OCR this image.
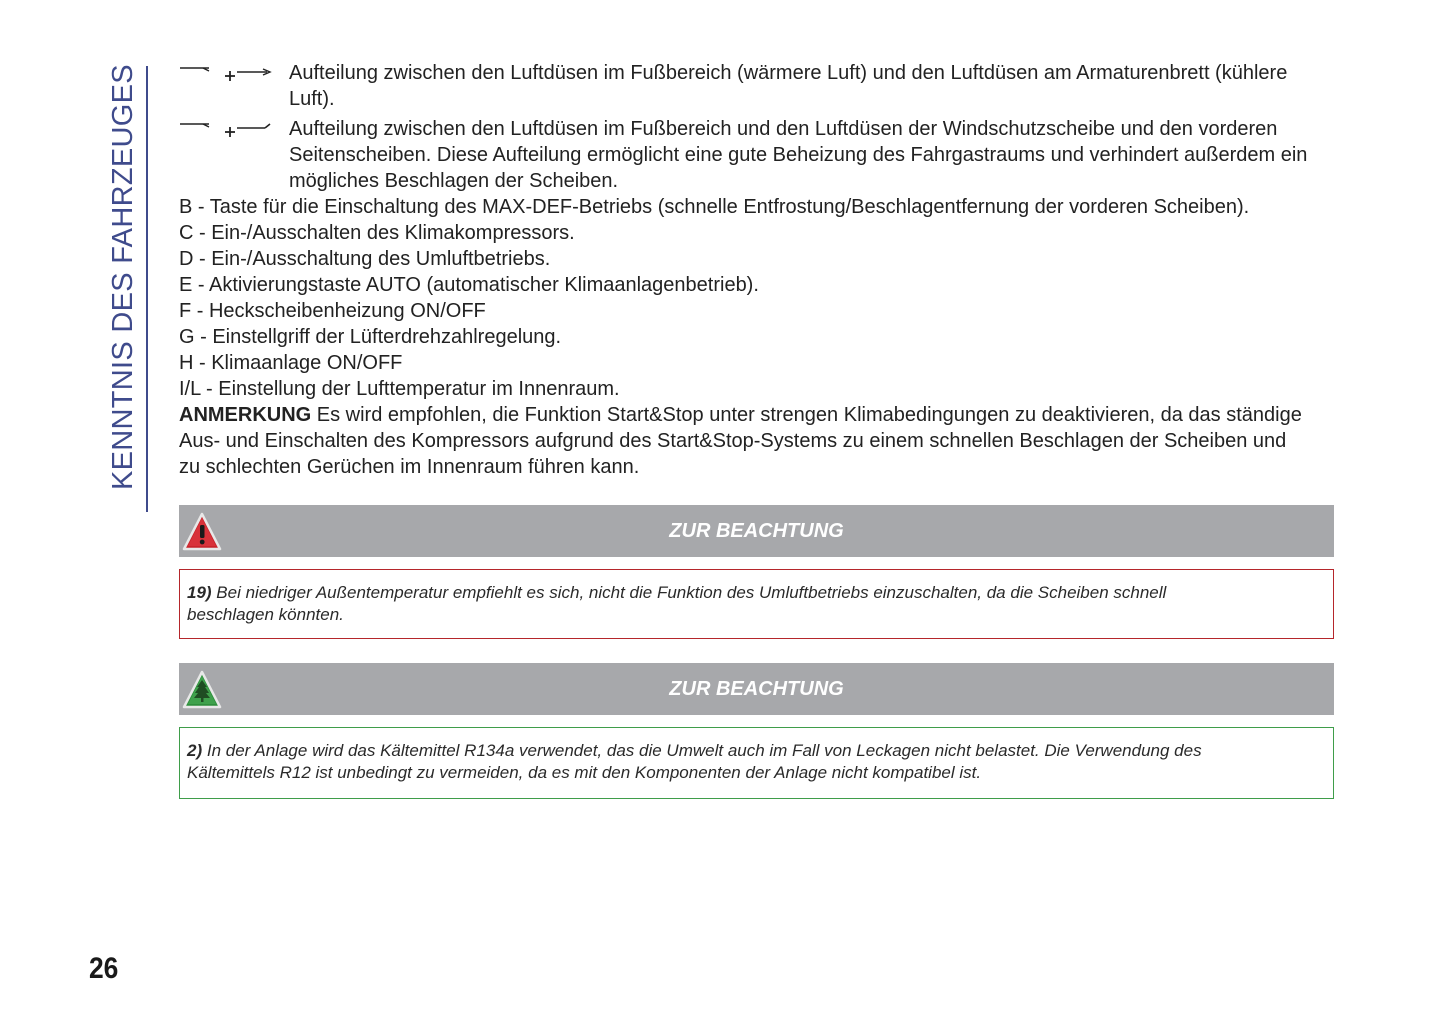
KENNTNIS DES FAHRZEUGES
26
Aufteilung zwischen den Luftdüsen im Fußbereich (wärmere Luft) und den Luftdüsen am Armaturenbrett (kühlere
Luft).
Aufteilung zwischen den Luftdüsen im Fußbereich und den Luftdüsen der Windschutzscheibe und den vorderen
Seitenscheiben. Diese Aufteilung ermöglicht eine gute Beheizung des Fahrgastraums und verhindert außerdem ein
mögliches Beschlagen der Scheiben.
B - Taste für die Einschaltung des MAX-DEF-Betriebs (schnelle Entfrostung/Beschlagentfernung der vorderen Scheiben).
C - Ein-/Ausschalten des Klimakompressors.
D - Ein-/Ausschaltung des Umluftbetriebs.
E - Aktivierungstaste AUTO (automatischer Klimaanlagenbetrieb).
F - Heckscheibenheizung ON/OFF
G - Einstellgriff der Lüfterdrehzahlregelung.
H - Klimaanlage ON/OFF
I/L - Einstellung der Lufttemperatur im Innenraum.
ANMERKUNG Es wird empfohlen, die Funktion Start&Stop unter strengen Klimabedingungen zu deaktivieren, da das ständige
Aus- und Einschalten des Kompressors aufgrund des Start&Stop-Systems zu einem schnellen Beschlagen der Scheiben und
zu schlechten Gerüchen im Innenraum führen kann.
ZUR BEACHTUNG
19) Bei niedriger Außentemperatur empfiehlt es sich, nicht die Funktion des Umluftbetriebs einzuschalten, da die Scheiben schnell
beschlagen könnten.
ZUR BEACHTUNG
2) In der Anlage wird das Kältemittel R134a verwendet, das die Umwelt auch im Fall von Leckagen nicht belastet. Die Verwendung des
Kältemittels R12 ist unbedingt zu vermeiden, da es mit den Komponenten der Anlage nicht kompatibel ist.
